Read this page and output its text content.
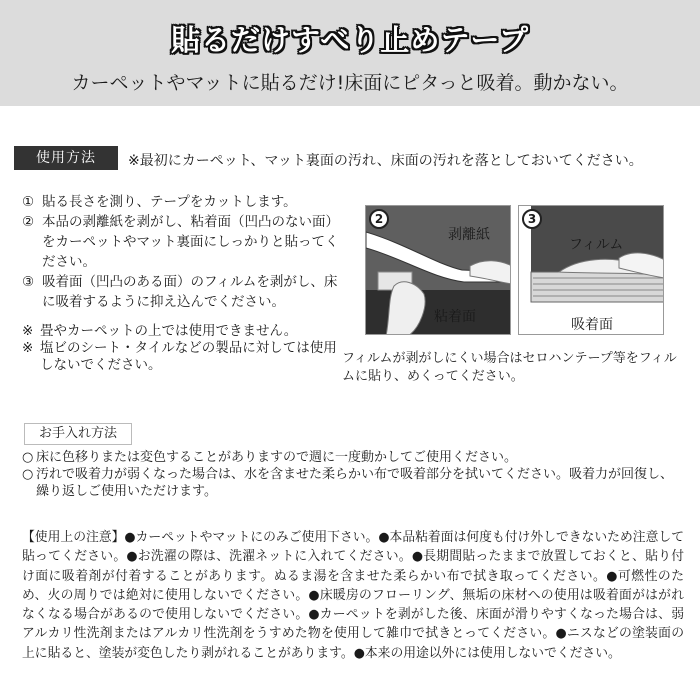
貼るだけすべり止めテープ
カーペットやマットに貼るだけ!床面にピタっと吸着。動かない。
使用方法	※最初にカーペット、マット裏面の汚れ、床面の汚れを落としておいてください。
① 貼る長さを測り、テープをカットします。
② 本品の剥離紙を剥がし、粘着面（凹凸のない面）をカーペットやマット裏面にしっかりと貼ってください。
③ 吸着面（凹凸のある面）のフィルムを剥がし、床に吸着するように抑え込んでください。
※ 畳やカーペットの上では使用できません。
※ 塩ビのシート・タイルなどの製品に対しては使用しないでください。
2
剥離紙
粘着面
3
フィルム
吸着面
フィルムが剥がしにくい場合はセロハンテープ等をフィルムに貼り、めくってください。
お手入れ方法
○ 床に色移りまたは変色することがありますので週に一度動かしてご使用ください。
○ 汚れで吸着力が弱くなった場合は、水を含ませた柔らかい布で吸着部分を拭いてください。吸着力が回復し、繰り返しご使用いただけます。
【使用上の注意】●カーペットやマットにのみご使用下さい。●本品粘着面は何度も付け外しできないため注意して貼ってください。●お洗濯の際は、洗濯ネットに入れてください。●長期間貼ったままで放置しておくと、貼り付け面に吸着剤が付着することがあります。ぬるま湯を含ませた柔らかい布で拭き取ってください。●可燃性のため、火の周りでは絶対に使用しないでください。●床暖房のフローリング、無垢の床材への使用は吸着面がはがれなくなる場合があるので使用しないでください。●カーペットを剥がした後、床面が滑りやすくなった場合は、弱アルカリ性洗剤またはアルカリ性洗剤をうすめた物を使用して雑巾で拭きとってください。●ニスなどの塗装面の上に貼ると、塗装が変色したり剥がれることがあります。●本来の用途以外には使用しないでください。
